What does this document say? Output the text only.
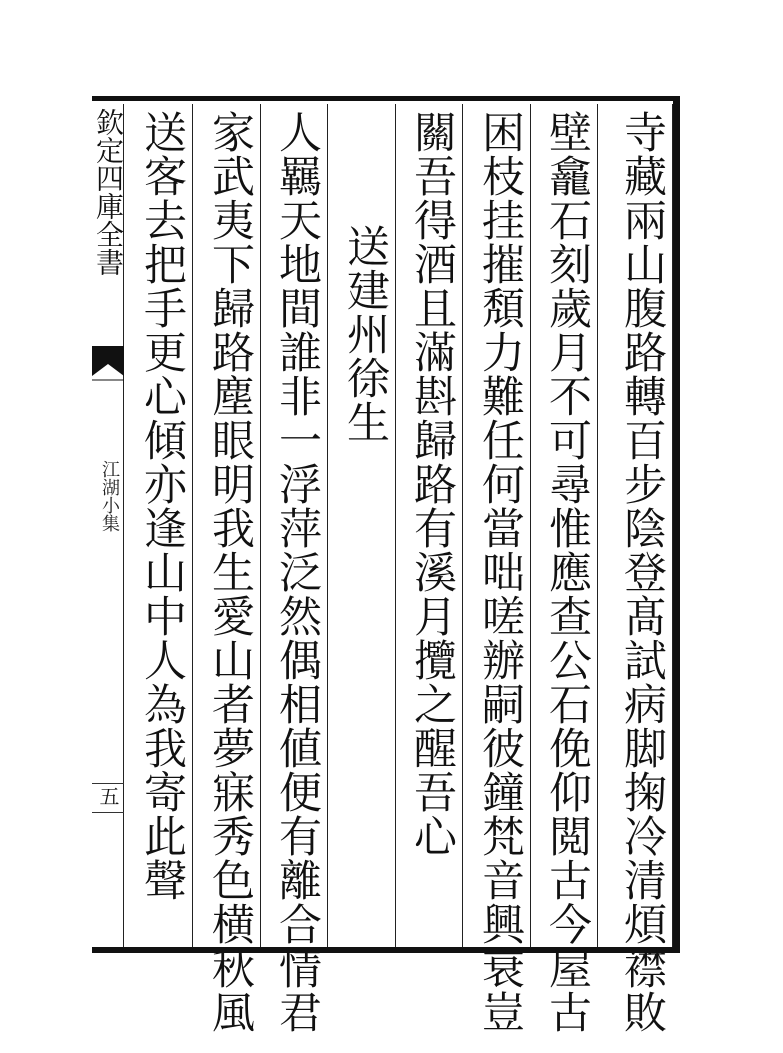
欽定四庫全書
江湖小集
五	寺藏兩山腹路轉百步陰登髙試病脚掬冷清煩襟敗
壁龕石刻歲月不可尋惟應查公石俛仰閲古今屋古
困枝挂摧頽力難任何當咄嗟辦嗣彼鐘梵音興衰豈
關吾得酒且滿斟歸路有溪月攬之醒吾心
送建州徐生
人羈天地間誰非一浮萍泛然偶相値便有離合情君
家武夷下歸路塵眼明我生愛山者夢寐秀色横秋風
送客去把手更心傾亦逢山中人為我寄此聲
